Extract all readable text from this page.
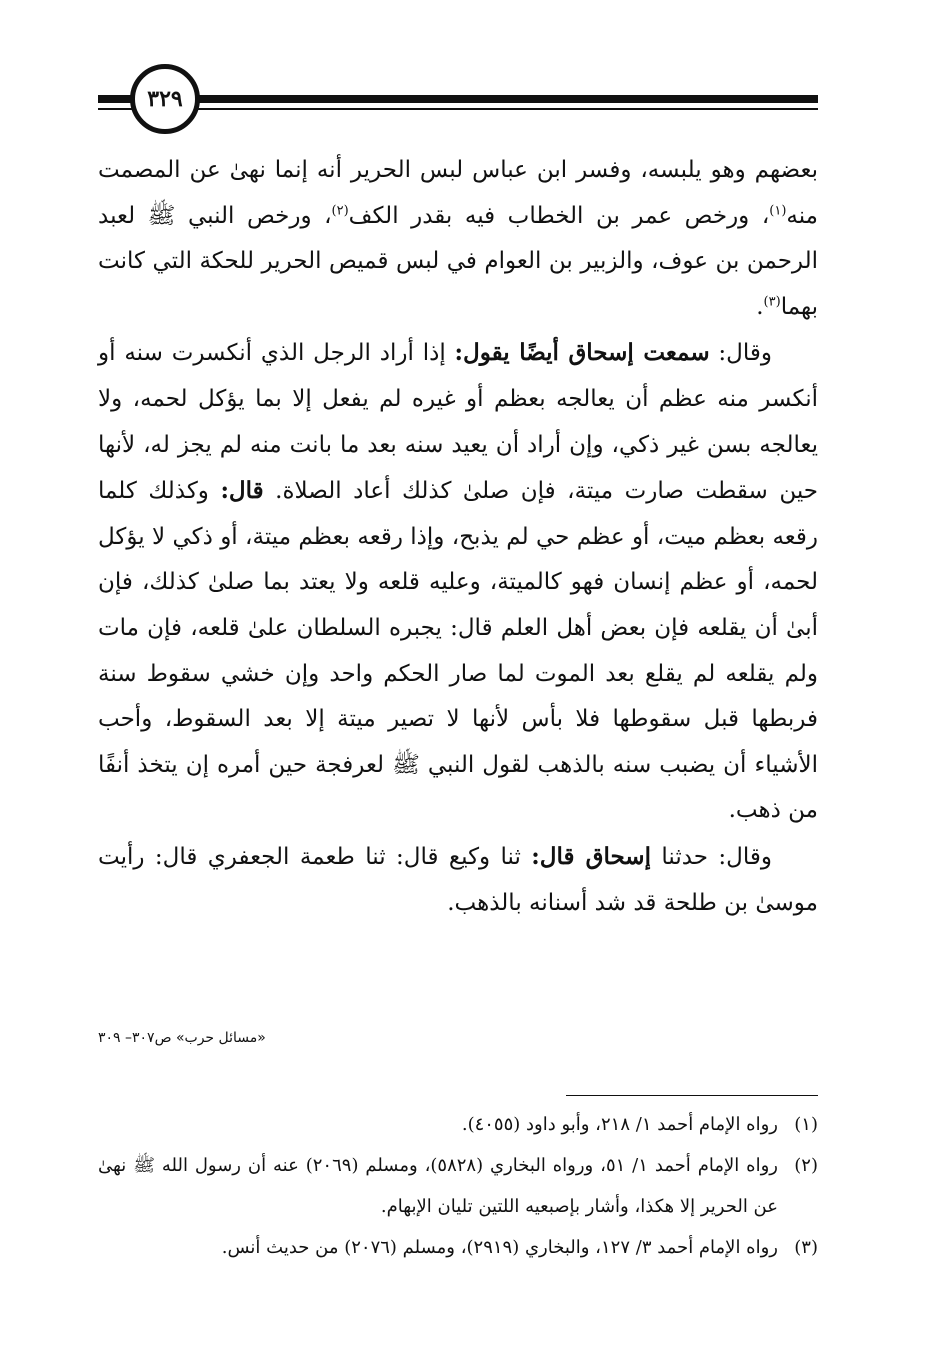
٣٢٩

بعضهم وهو يلبسه، وفسر ابن عباس لبس الحرير أنه إنما نهىٰ عن المصمت منه$^{(١)}$، ورخص عمر بن الخطاب فيه بقدر الكف$^{(٢)}$، ورخص النبي ﷺ لعبد الرحمن بن عوف، والزبير بن العوام في لبس قميص الحرير للحكة التي كانت بهما$^{(٣)}$.

وقال: سمعت إسحاق أيضًا يقول: إذا أراد الرجل الذي أنكسرت سنه أو أنكسر منه عظم أن يعالجه بعظم أو غيره لم يفعل إلا بما يؤكل لحمه، ولا يعالجه بسن غير ذكي، وإن أراد أن يعيد سنه بعد ما بانت منه لم يجز له، لأنها حين سقطت صارت ميتة، فإن صلىٰ كذلك أعاد الصلاة. قال: وكذلك كلما رقعه بعظم ميت، أو عظم حي لم يذبح، وإذا رقعه بعظم ميتة، أو ذكي لا يؤكل لحمه، أو عظم إنسان فهو كالميتة، وعليه قلعه ولا يعتد بما صلىٰ كذلك، فإن أبىٰ أن يقلعه فإن بعض أهل العلم قال: يجبره السلطان علىٰ قلعه، فإن مات ولم يقلعه لم يقلع بعد الموت لما صار الحكم واحد وإن خشي سقوط سنة فربطها قبل سقوطها فلا بأس لأنها لا تصير ميتة إلا بعد السقوط، وأحب الأشياء أن يضبب سنه بالذهب لقول النبي ﷺ لعرفجة حين أمره إن يتخذ أنفًا من ذهب.

وقال: حدثنا إسحاق قال: ثنا وكيع قال: ثنا طعمة الجعفري قال: رأيت موسىٰ بن طلحة قد شد أسنانه بالذهب.

«مسائل حرب» ص٣٠٧– ٣٠٩

(١)
رواه الإمام أحمد ١/ ٢١٨، وأبو داود (٤٠٥٥).

(٢)
رواه الإمام أحمد ١/ ٥١، ورواه البخاري (٥٨٢٨)، ومسلم (٢٠٦٩) عنه أن رسول الله ﷺ نهىٰ عن الحرير إلا هكذا، وأشار بإصبعيه اللتين تليان الإبهام.

(٣)
رواه الإمام أحمد ٣/ ١٢٧، والبخاري (٢٩١٩)، ومسلم (٢٠٧٦) من حديث أنس.
